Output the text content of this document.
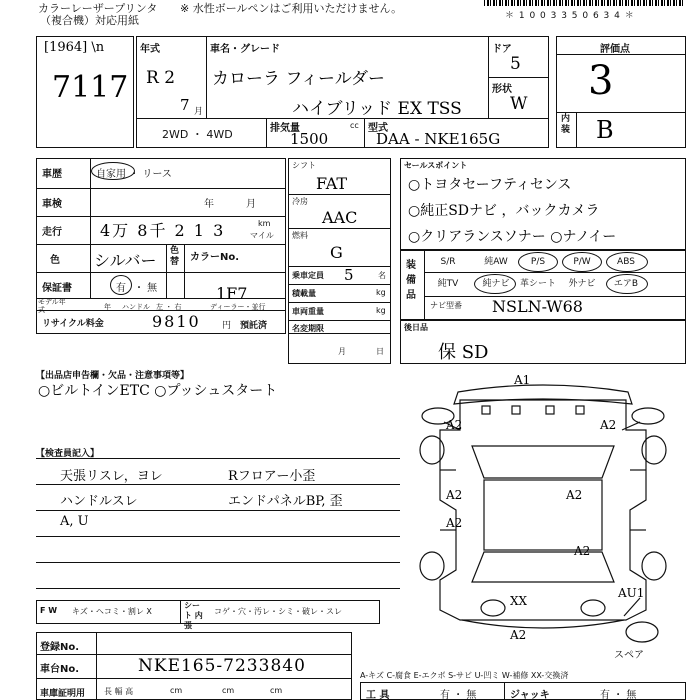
カラーレーザープリンタ
（複合機）対応用紙
※ 水性ボールペンはご利用いただけません。
＊ 1 0 0 3 3 5 0 6 3 4 ＊
[1964] \n
7117
年式
R 2
7 月
車名・グレード
カローラ フィールダー
ハイブリッド EX TSS
ドア
5
形状
W
2WD ・ 4WD	排気量	cc
1500
型式
DAA - NKE165G
評価点
3
内装 B
車歴	自家用 ・ リース
車検	年	月
走行 4万 8千 2 1 3	km
マイル
色 シルバー 色替 カラーNo.
1F7
保証書	有 ・ 無
モデル年式	年 ハンドル 左 ・ 右	ディーラー・並行
リサイクル料金	9810 円 預託済
シフト
FAT
冷房
AAC
燃料
G
乗車定員 5	名
積載量	kg
車両重量	kg
名変期限
月	日
セールスポイント
○トヨタセーフティセンス
○純正SDナビ ，バックカメラ
○クリアランスソナー ○ナノイー
装備品
S/R	純AW	P/S	P/W	ABS
純TV	純ナビ	革シート	外ナビ	エアB
ナビ型番 NSLN-W68
後日品
保 SD
【出品店申告欄・欠品・注意事項等】
○ビルトインETC ○プッシュスタート
【検査員記入】
天張リスレ，ヨレ
ハンドルスレ
A, U
Rフロアー小歪
エンドパネルBP, 歪
A1
A2	A2
A2	A2
A2
A2
AU1
XX
A2
スペア
F W キズ・ヘコミ・割レ X
シート 内張
コゲ・穴・汚レ・シミ・破レ・スレ
登録No.
車台No.	NKE165-7233840
車庫証明用 長 幅 高	cm	cm	cm
A-キズ C-腐食 E-エクボ S-サビ U-凹ミ W-補修 XX-交換済
工 具	有 ・ 無	ジャッキ	有 ・ 無
